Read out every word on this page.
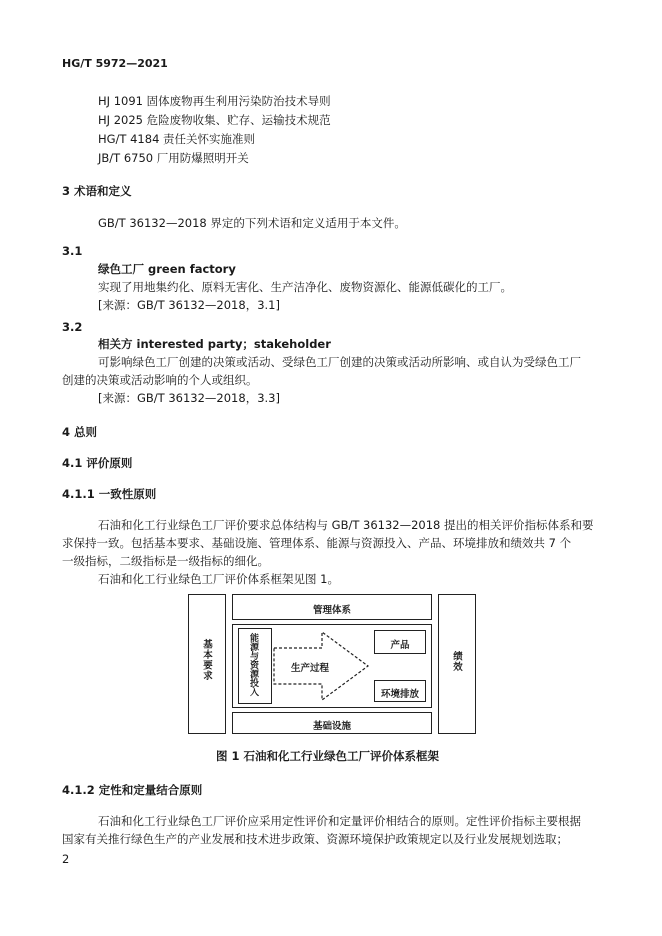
HG/T 5972—2021
HJ 1091 固体废物再生利用污染防治技术导则
HJ 2025 危险废物收集、贮存、运输技术规范
HG/T 4184 责任关怀实施准则
JB/T 6750 厂用防爆照明开关
3 术语和定义
GB/T 36132—2018 界定的下列术语和定义适用于本文件。
3.1
绿色工厂 green factory
实现了用地集约化、原料无害化、生产洁净化、废物资源化、能源低碳化的工厂。
[来源：GB/T 36132—2018，3.1]
3.2
相关方 interested party；stakeholder
可影响绿色工厂创建的决策或活动、受绿色工厂创建的决策或活动所影响、或自认为受绿色工厂
创建的决策或活动影响的个人或组织。
[来源：GB/T 36132—2018，3.3]
4 总则
4.1 评价原则
4.1.1 一致性原则
石油和化工行业绿色工厂评价要求总体结构与 GB/T 36132—2018 提出的相关评价指标体系和要
求保持一致。包括基本要求、基础设施、管理体系、能源与资源投入、产品、环境排放和绩效共 7 个
一级指标，二级指标是一级指标的细化。
石油和化工行业绿色工厂评价体系框架见图 1。
基本要求
管理体系
能源与资源投入	生产过程
产品
环境排放
基础设施
绩效
图 1 石油和化工行业绿色工厂评价体系框架
4.1.2 定性和定量结合原则
石油和化工行业绿色工厂评价应采用定性评价和定量评价相结合的原则。定性评价指标主要根据
国家有关推行绿色生产的产业发展和技术进步政策、资源环境保护政策规定以及行业发展规划选取；
2
